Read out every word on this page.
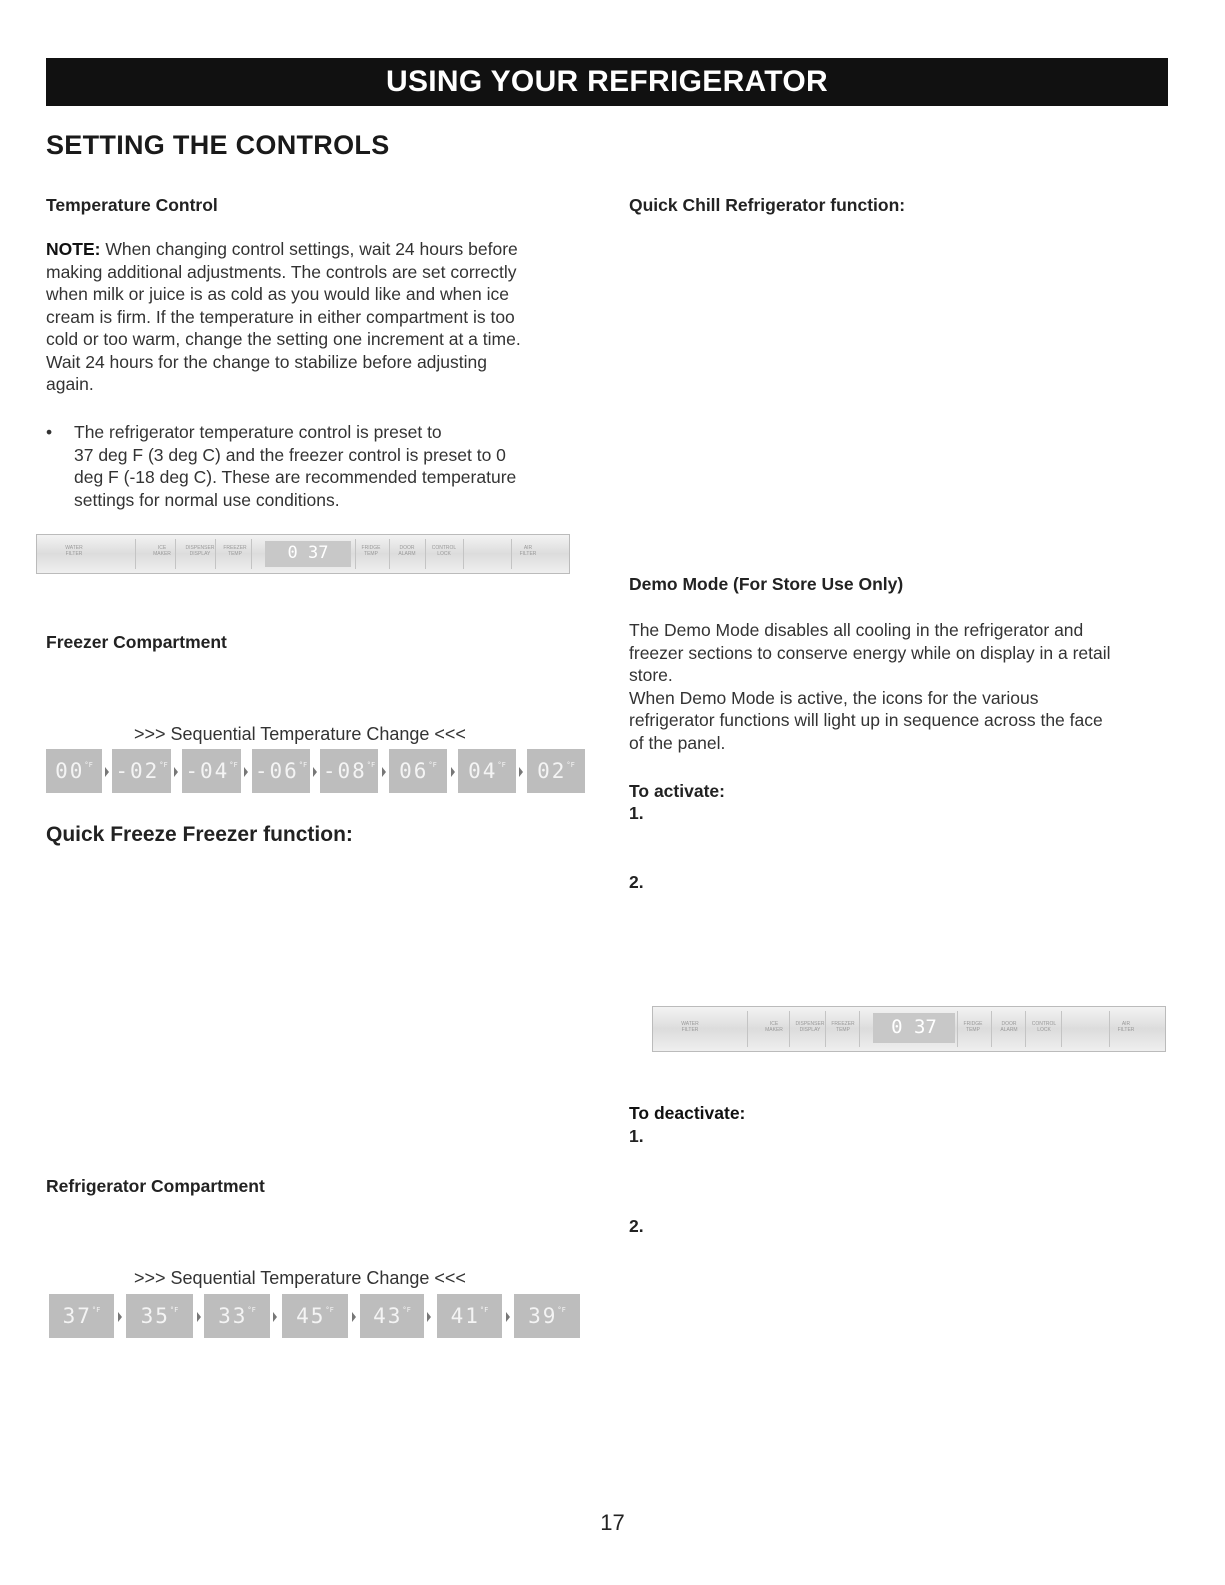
USING YOUR REFRIGERATOR
SETTING THE CONTROLS
Temperature Control
NOTE: When changing control settings, wait 24 hours before
making additional adjustments. The controls are set correctly
when milk or juice is as cold as you would like and when ice
cream is firm. If the temperature in either compartment is too
cold or too warm, change the setting one increment at a time.
Wait 24 hours for the change to stabilize before adjusting
again.
• The refrigerator temperature control is preset to
37 deg F (3 deg C) and the freezer control is preset to 0
deg F (-18 deg C). These are recommended temperature
settings for normal use conditions.
WATER
FILTER
ICE
MAKER
DISPENSER
DISPLAY
FREEZER
TEMP	0 37	FRIDGE
TEMP
DOOR
ALARM
CONTROL
LOCK
AIR
FILTER
Freezer Compartment
>>> Sequential Temperature Change <<<
$00^{^\circ F}$	$-02^{^\circ F}$ $-04^{^\circ F}$ $-06^{^\circ F}$ $-08^{^\circ F}$	$06^{^\circ F}$	$04^{^\circ F}$	$02^{^\circ F}$
Quick Freeze Freezer function:
Refrigerator Compartment
>>> Sequential Temperature Change <<<
$37^{^\circ F}$	$35^{^\circ F}$	$33^{^\circ F}$	$45^{^\circ F}$	$43^{^\circ F}$	$41^{^\circ F}$	$39^{^\circ F}$
Quick Chill Refrigerator function:
Demo Mode (For Store Use Only)
The Demo Mode disables all cooling in the refrigerator and
freezer sections to conserve energy while on display in a retail
store.
When Demo Mode is active, the icons for the various
refrigerator functions will light up in sequence across the face
of the panel.
To activate:
1.
2.
WATER
FILTER
ICE
MAKER
DISPENSER
DISPLAY
FREEZER
TEMP	0 37	FRIDGE
TEMP
DOOR
ALARM
CONTROL
LOCK
AIR
FILTER
To deactivate:
1.
2.
17
